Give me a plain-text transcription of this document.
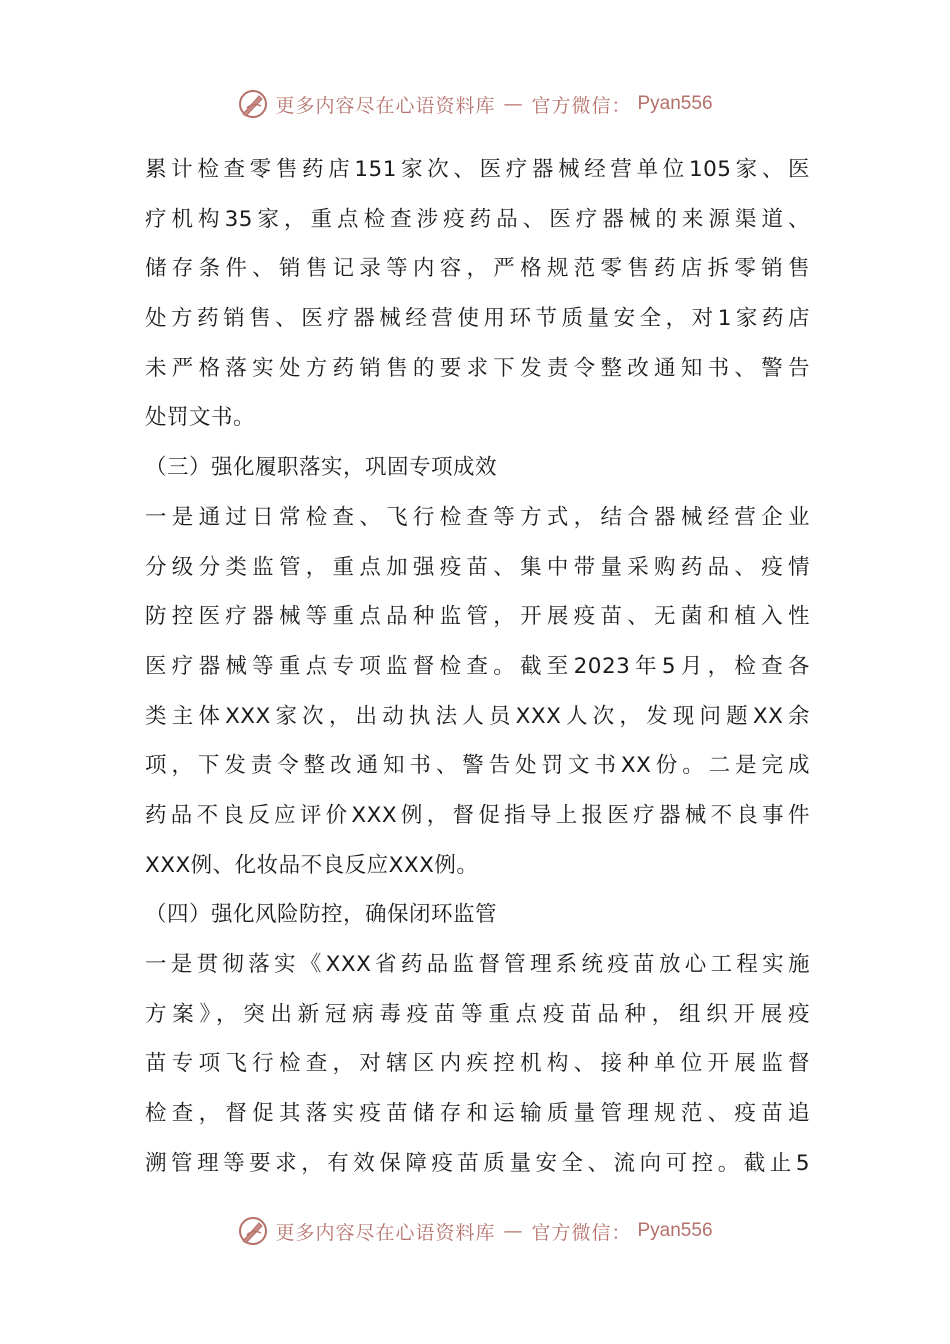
更多内容尽在心语资料库 — 官方微信： Pyan556
累计检查零售药店151家次、医疗器械经营单位105家、医
疗机构35家，重点检查涉疫药品、医疗器械的来源渠道、
储存条件、销售记录等内容，严格规范零售药店拆零销售
处方药销售、医疗器械经营使用环节质量安全，对1家药店
未严格落实处方药销售的要求下发责令整改通知书、警告
处罚文书。
（三）强化履职落实，巩固专项成效
一是通过日常检查、飞行检查等方式，结合器械经营企业
分级分类监管，重点加强疫苗、集中带量采购药品、疫情
防控医疗器械等重点品种监管，开展疫苗、无菌和植入性
医疗器械等重点专项监督检查。截至2023年5月，检查各
类主体XXX家次，出动执法人员XXX人次，发现问题XX余
项，下发责令整改通知书、警告处罚文书XX份。二是完成
药品不良反应评价XXX例，督促指导上报医疗器械不良事件
XXX例、化妆品不良反应XXX例。
（四）强化风险防控，确保闭环监管
一是贯彻落实《XXX省药品监督管理系统疫苗放心工程实施
方案》，突出新冠病毒疫苗等重点疫苗品种，组织开展疫
苗专项飞行检查，对辖区内疾控机构、接种单位开展监督
检查，督促其落实疫苗储存和运输质量管理规范、疫苗追
溯管理等要求，有效保障疫苗质量安全、流向可控。截止5
更多内容尽在心语资料库 — 官方微信： Pyan556
